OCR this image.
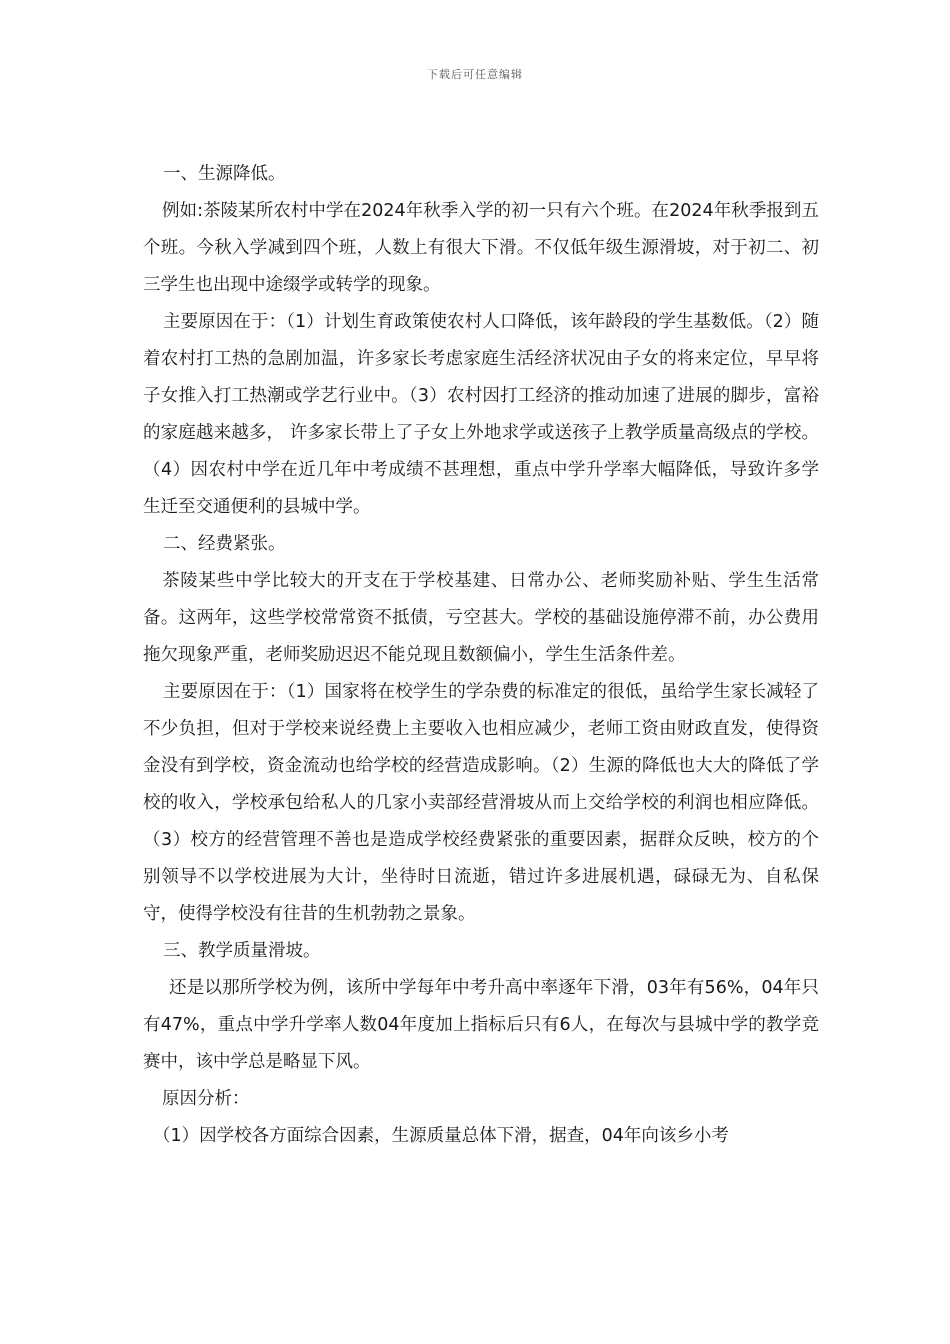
下载后可任意编辑

一、生源降低。

例如:茶陵某所农村中学在2024年秋季入学的初一只有六个班。在2024年秋季报到五个班。今秋入学减到四个班，人数上有很大下滑。不仅低年级生源滑坡，对于初二、初三学生也出现中途缀学或转学的现象。

主要原因在于：（1）计划生育政策使农村人口降低，该年龄段的学生基数低。（2）随着农村打工热的急剧加温，许多家长考虑家庭生活经济状况由子女的将来定位，早早将子女推入打工热潮或学艺行业中。（3）农村因打工经济的推动加速了进展的脚步，富裕的家庭越来越多， 许多家长带上了子女上外地求学或送孩子上教学质量高级点的学校。（4）因农村中学在近几年中考成绩不甚理想，重点中学升学率大幅降低，导致许多学生迁至交通便利的县城中学。

二、经费紧张。

茶陵某些中学比较大的开支在于学校基建、日常办公、老师奖励补贴、学生生活常备。这两年，这些学校常常资不抵债，亏空甚大。学校的基础设施停滞不前，办公费用拖欠现象严重，老师奖励迟迟不能兑现且数额偏小，学生生活条件差。

主要原因在于：（1）国家将在校学生的学杂费的标准定的很低，虽给学生家长减轻了不少负担，但对于学校来说经费上主要收入也相应减少，老师工资由财政直发，使得资金没有到学校，资金流动也给学校的经营造成影响。（2）生源的降低也大大的降低了学校的收入，学校承包给私人的几家小卖部经营滑坡从而上交给学校的利润也相应降低。（3）校方的经营管理不善也是造成学校经费紧张的重要因素，据群众反映，校方的个别领导不以学校进展为大计，坐待时日流逝，错过许多进展机遇，碌碌无为、自私保守，使得学校没有往昔的生机勃勃之景象。

三、教学质量滑坡。

还是以那所学校为例，该所中学每年中考升高中率逐年下滑，03年有56%，04年只有47%，重点中学升学率人数04年度加上指标后只有6人，在每次与县城中学的教学竞赛中，该中学总是略显下风。

原因分析：

（1）因学校各方面综合因素，生源质量总体下滑，据查，04年向该乡小考
